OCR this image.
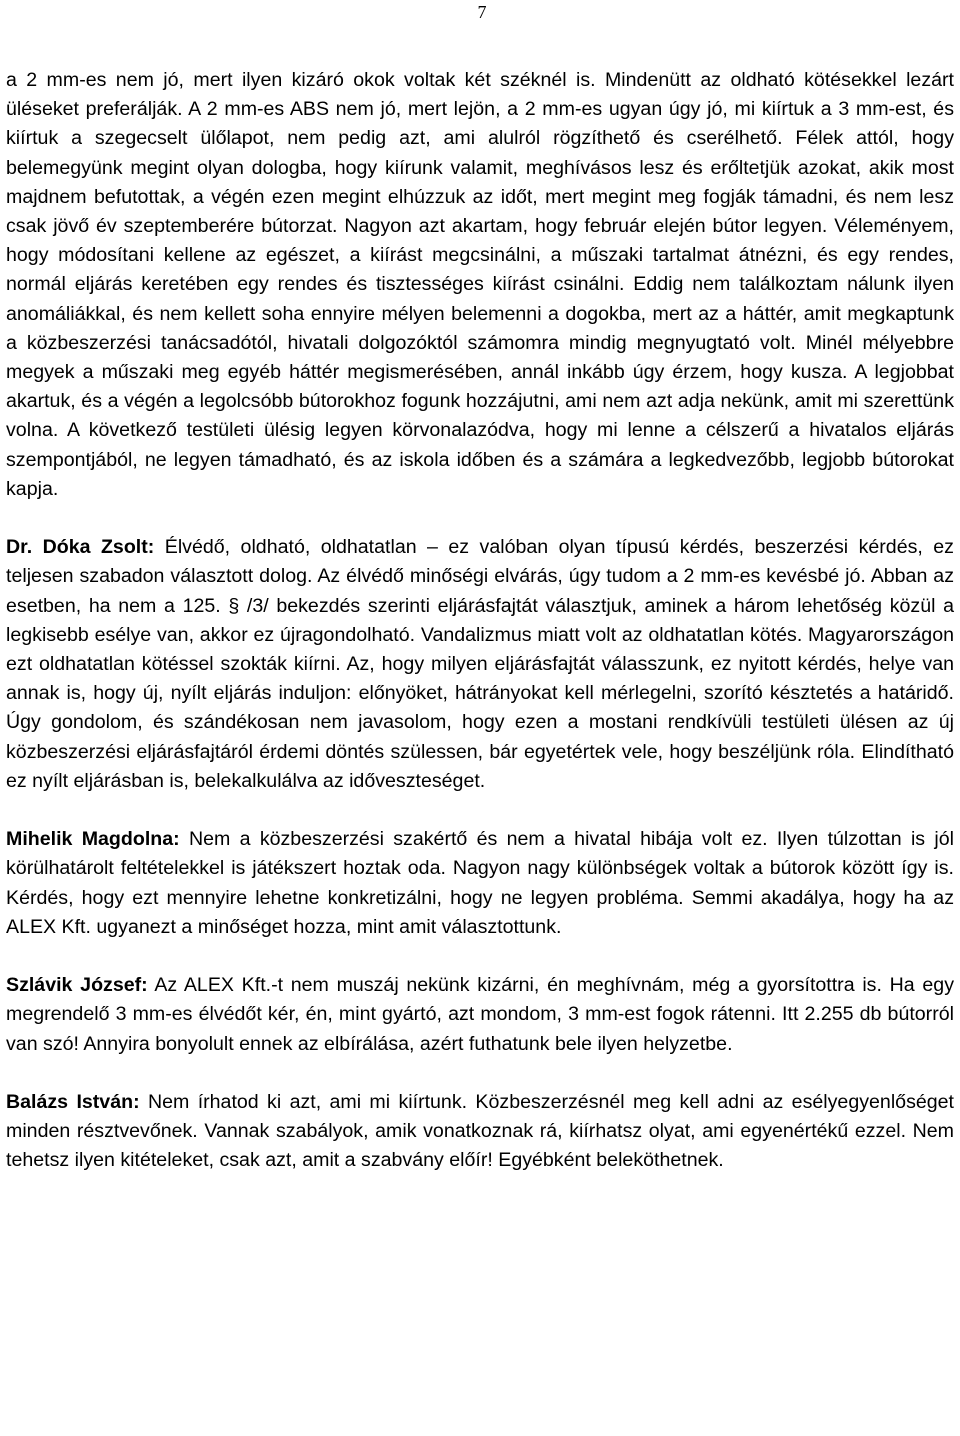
7

a 2 mm-es nem jó, mert ilyen kizáró okok voltak két széknél is. Mindenütt az oldható kötésekkel lezárt üléseket preferálják. A 2 mm-es ABS nem jó, mert lejön, a 2 mm-es ugyan úgy jó, mi kiírtuk a 3 mm-est, és kiírtuk a szegecselt ülőlapot, nem pedig azt, ami alulról rögzíthető és cserélhető. Félek attól, hogy belemegyünk megint olyan dologba, hogy kiírunk valamit, meghívásos lesz és erőltetjük azokat, akik most majdnem befutottak, a végén ezen megint elhúzzuk az időt, mert megint meg fogják támadni, és nem lesz csak jövő év szeptemberére bútorzat. Nagyon azt akartam, hogy február elején bútor legyen. Véleményem, hogy módosítani kellene az egészet, a kiírást megcsinálni, a műszaki tartalmat átnézni, és egy rendes, normál eljárás keretében egy rendes és tisztességes kiírást csinálni. Eddig nem találkoztam nálunk ilyen anomáliákkal, és nem kellett soha ennyire mélyen belemenni a dogokba, mert az a háttér, amit megkaptunk a közbeszerzési tanácsadótól, hivatali dolgozóktól számomra mindig megnyugtató volt. Minél mélyebbre megyek a műszaki meg egyéb háttér megismerésében, annál inkább úgy érzem, hogy kusza. A legjobbat akartuk, és a végén a legolcsóbb bútorokhoz fogunk hozzájutni, ami nem azt adja nekünk, amit mi szerettünk volna. A következő testületi ülésig legyen körvonalazódva, hogy mi lenne a célszerű a hivatalos eljárás szempontjából, ne legyen támadható, és az iskola időben és a számára a legkedvezőbb, legjobb bútorokat kapja.

Dr. Dóka Zsolt: Élvédő, oldható, oldhatatlan – ez valóban olyan típusú kérdés, beszerzési kérdés, ez teljesen szabadon választott dolog. Az élvédő minőségi elvárás, úgy tudom a 2 mm-es kevésbé jó. Abban az esetben, ha nem a 125. § /3/ bekezdés szerinti eljárásfajtát választjuk, aminek a három lehetőség közül a legkisebb esélye van, akkor ez újragondolható. Vandalizmus miatt volt az oldhatatlan kötés. Magyarországon ezt oldhatatlan kötéssel szokták kiírni. Az, hogy milyen eljárásfajtát válasszunk, ez nyitott kérdés, helye van annak is, hogy új, nyílt eljárás induljon: előnyöket, hátrányokat kell mérlegelni, szorító késztetés a határidő. Úgy gondolom, és szándékosan nem javasolom, hogy ezen a mostani rendkívüli testületi ülésen az új közbeszerzési eljárásfajtáról érdemi döntés szülessen, bár egyetértek vele, hogy beszéljünk róla. Elindítható ez nyílt eljárásban is, belekalkulálva az időveszteséget.

Mihelik Magdolna: Nem a közbeszerzési szakértő és nem a hivatal hibája volt ez. Ilyen túlzottan is jól körülhatárolt feltételekkel is játékszert hoztak oda. Nagyon nagy különbségek voltak a bútorok között így is. Kérdés, hogy ezt mennyire lehetne konkretizálni, hogy ne legyen probléma. Semmi akadálya, hogy ha az ALEX Kft. ugyanezt a minőséget hozza, mint amit választottunk.

Szlávik József: Az ALEX Kft.-t nem muszáj nekünk kizárni, én meghívnám, még a gyorsítottra is. Ha egy megrendelő 3 mm-es élvédőt kér, én, mint gyártó, azt mondom, 3 mm-est fogok rátenni. Itt 2.255 db bútorról van szó! Annyira bonyolult ennek az elbírálása, azért futhatunk bele ilyen helyzetbe.

Balázs István: Nem írhatod ki azt, ami mi kiírtunk. Közbeszerzésnél meg kell adni az esélyegyenlőséget minden résztvevőnek. Vannak szabályok, amik vonatkoznak rá, kiírhatsz olyat, ami egyenértékű ezzel. Nem tehetsz ilyen kitételeket, csak azt, amit a szabvány előír! Egyébként beleköthetnek.
